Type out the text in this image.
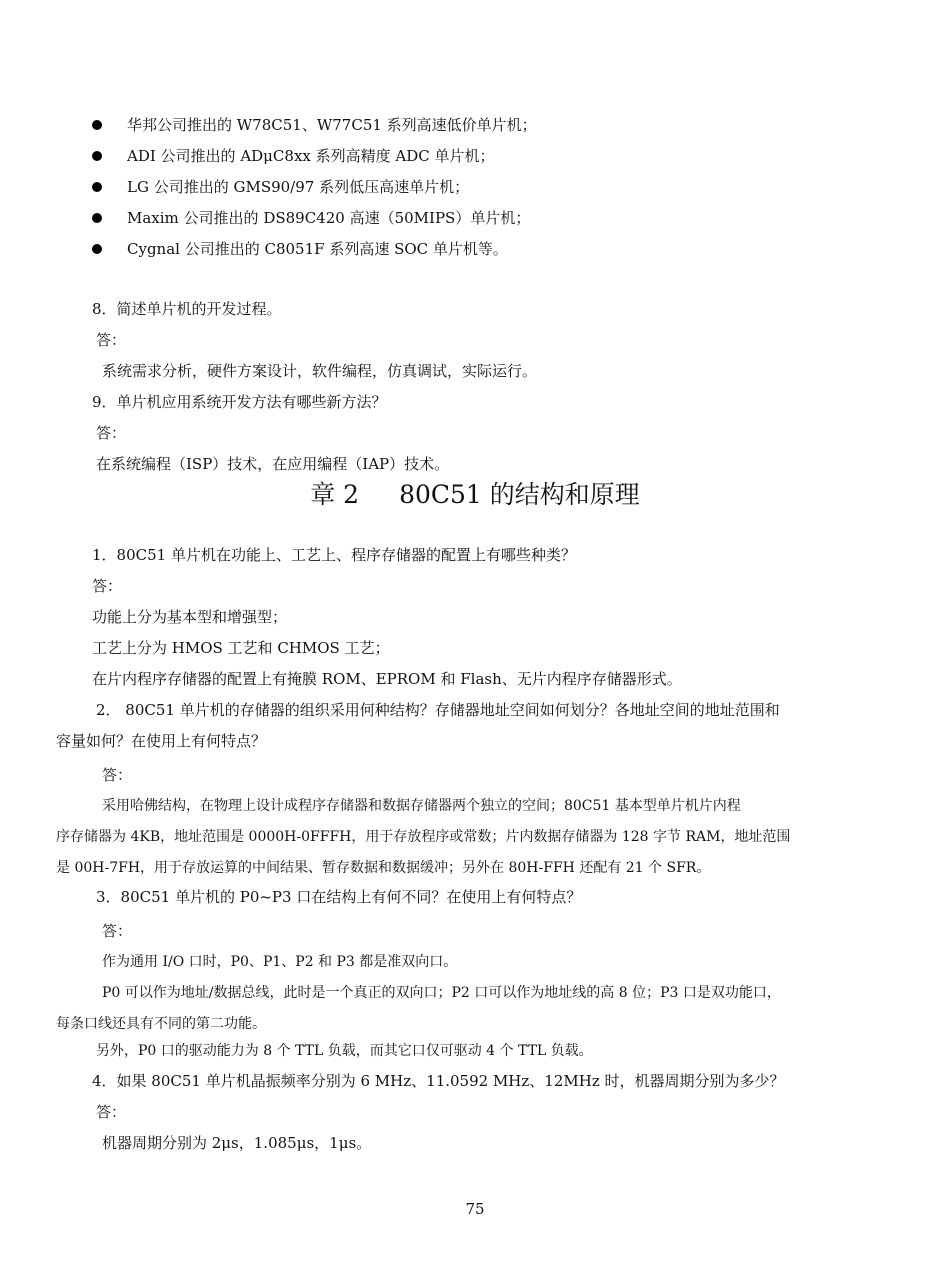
华邦公司推出的 W78C51、W77C51 系列高速低价单片机；
ADI 公司推出的 ADμC8xx 系列高精度 ADC 单片机；
LG 公司推出的 GMS90/97 系列低压高速单片机；
Maxim 公司推出的 DS89C420 高速（50MIPS）单片机；
Cygnal 公司推出的 C8051F 系列高速 SOC 单片机等。
8．简述单片机的开发过程。
答：
系统需求分析，硬件方案设计，软件编程，仿真调试，实际运行。
9．单片机应用系统开发方法有哪些新方法？
答：
在系统编程（ISP）技术，在应用编程（IAP）技术。
章 2 80C51 的结构和原理
1．80C51 单片机在功能上、工艺上、程序存储器的配置上有哪些种类？
答：
功能上分为基本型和增强型；
工艺上分为 HMOS 工艺和 CHMOS 工艺；
在片内程序存储器的配置上有掩膜 ROM、EPROM 和 Flash、无片内程序存储器形式。
2． 80C51 单片机的存储器的组织采用何种结构？存储器地址空间如何划分？各地址空间的地址范围和
容量如何？在使用上有何特点？
答：
采用哈佛结构，在物理上设计成程序存储器和数据存储器两个独立的空间；80C51 基本型单片机片内程
序存储器为 4KB，地址范围是 0000H-0FFFH，用于存放程序或常数；片内数据存储器为 128 字节 RAM，地址范围
是 00H-7FH，用于存放运算的中间结果、暂存数据和数据缓冲；另外在 80H-FFH 还配有 21 个 SFR。
3．80C51 单片机的 P0~P3 口在结构上有何不同？在使用上有何特点？
答：
作为通用 I/O 口时，P0、P1、P2 和 P3 都是准双向口。
P0 可以作为地址/数据总线，此时是一个真正的双向口；P2 口可以作为地址线的高 8 位；P3 口是双功能口，
每条口线还具有不同的第二功能。
另外，P0 口的驱动能力为 8 个 TTL 负载，而其它口仅可驱动 4 个 TTL 负载。
4．如果 80C51 单片机晶振频率分别为 6 MHz、11.0592 MHz、12MHz 时，机器周期分别为多少？
答：
机器周期分别为 2μs，1.085μs，1μs。
75
